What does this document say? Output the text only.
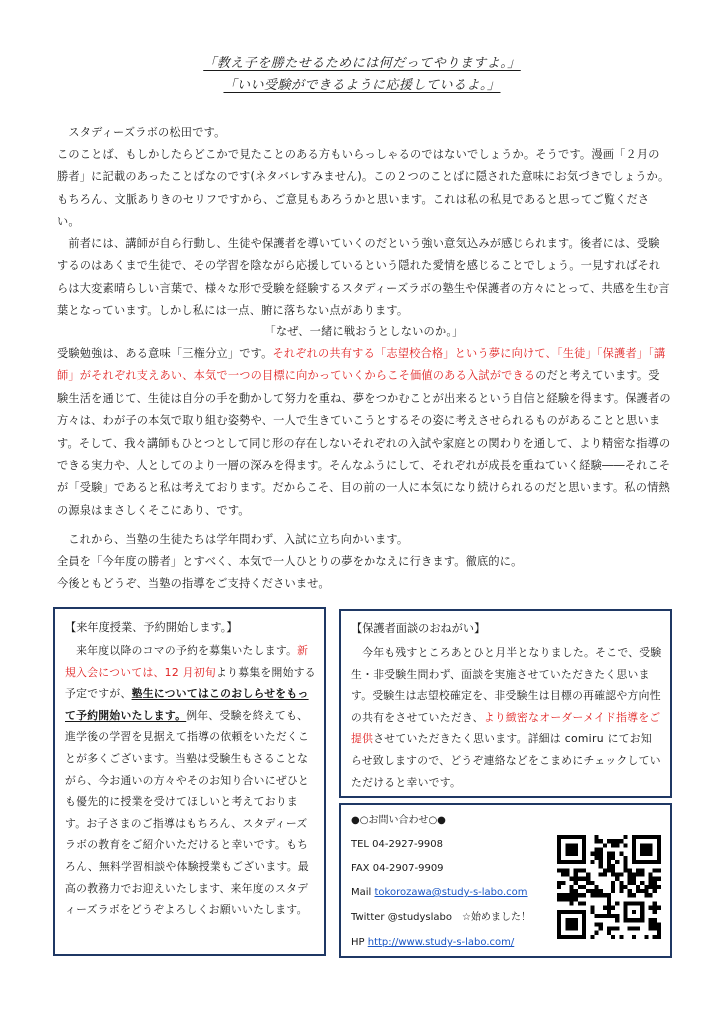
「教え子を勝たせるためには何だってやりますよ。」
「いい受験ができるように応援しているよ。」

　スタディーズラボの松田です。

このことば、もしかしたらどこかで見たことのある方もいらっしゃるのではないでしょうか。そうです。漫画「２月の勝者」に記載のあったことばなのです(ネタバレすみません)。この２つのことばに隠された意味にお気づきでしょうか。もちろん、文脈ありきのセリフですから、ご意見もあろうかと思います。これは私の私見であると思ってご覧ください。

　前者には、講師が自ら行動し、生徒や保護者を導いていくのだという強い意気込みが感じられます。後者には、受験するのはあくまで生徒で、その学習を陰ながら応援しているという隠れた愛情を感じることでしょう。一見すればそれらは大変素晴らしい言葉で、様々な形で受験を経験するスタディーズラボの塾生や保護者の方々にとって、共感を生む言葉となっています。しかし私には一点、腑に落ちない点があります。

「なぜ、一緒に戦おうとしないのか。」

受験勉強は、ある意味「三権分立」です。それぞれの共有する「志望校合格」という夢に向けて、「生徒」「保護者」「講師」がそれぞれ支えあい、本気で一つの目標に向かっていくからこそ価値のある入試ができるのだと考えています。受験生活を通じて、生徒は自分の手を動かして努力を重ね、夢をつかむことが出来るという自信と経験を得ます。保護者の方々は、わが子の本気で取り組む姿勢や、一人で生きていこうとするその姿に考えさせられるものがあることと思います。そして、我々講師もひとつとして同じ形の存在しないそれぞれの入試や家庭との関わりを通して、より精密な指導のできる実力や、人としてのより一層の深みを得ます。そんなふうにして、それぞれが成長を重ねていく経験――それこそが「受験」であると私は考えております。だからこそ、目の前の一人に本気になり続けられるのだと思います。私の情熱の源泉はまさしくそこにあり、です。

　これから、当塾の生徒たちは学年問わず、入試に立ち向かいます。

全員を「今年度の勝者」とすべく、本気で一人ひとりの夢をかなえに行きます。徹底的に。

今後ともどうぞ、当塾の指導をご支持くださいませ。

【来年度授業、予約開始します。】

　来年度以降のコマの予約を募集いたします。新規入会については、12 月初旬より募集を開始する予定ですが、塾生についてはこのおしらせをもって予約開始いたします。例年、受験を終えても、進学後の学習を見据えて指導の依頼をいただくことが多くございます。当塾は受験生もさることながら、今お通いの方々やそのお知り合いにぜひとも優先的に授業を受けてほしいと考えております。お子さまのご指導はもちろん、スタディーズラボの教育をご紹介いただけると幸いです。もちろん、無料学習相談や体験授業もございます。最高の教務力でお迎えいたします、来年度のスタディーズラボをどうぞよろしくお願いいたします。

【保護者面談のおねがい】

　今年も残すところあとひと月半となりました。そこで、受験生・非受験生問わず、面談を実施させていただきたく思います。受験生は志望校確定を、非受験生は目標の再確認や方向性の共有をさせていただき、より緻密なオーダーメイド指導をご提供させていただきたく思います。詳細は comiru にてお知らせ致しますので、どうぞ連絡などをこまめにチェックしていただけると幸いです。

●○お問い合わせ○●
TEL 04-2927-9908
FAX 04-2907-9909
Mail tokorozawa@study-s-labo.com
Twitter @studyslabo　☆始めました！
HP http://www.study-s-labo.com/
